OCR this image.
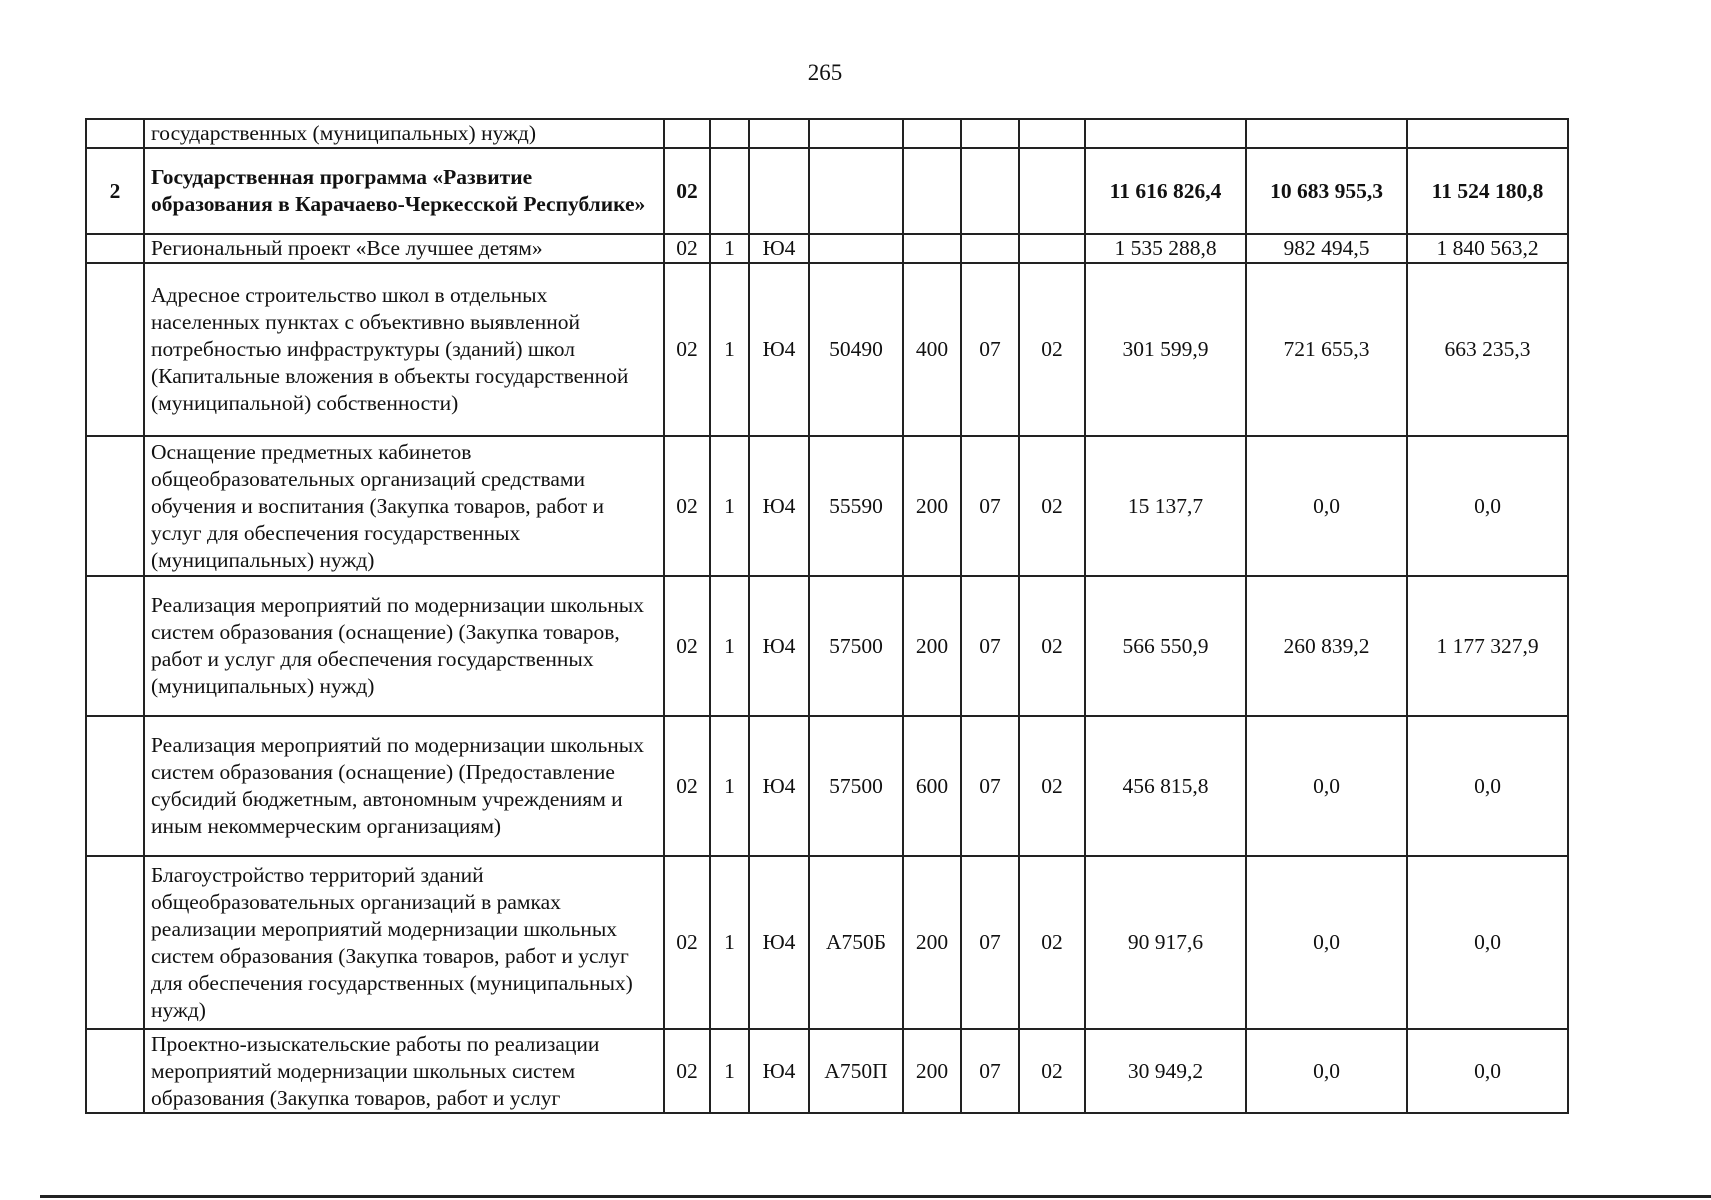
265
	государственных (муниципальных) нужд)										
2	Государственная программа «Развитие образования в Карачаево-Черкесской Республике»	02							11 616 826,4	10 683 955,3	11 524 180,8
	Региональный проект «Все лучшее детям»	02	1	Ю4					1 535 288,8	982 494,5	1 840 563,2
	Адресное строительство школ в отдельных населенных пунктах с объективно выявленной потребностью инфраструктуры (зданий) школ (Капитальные вложения в объекты государственной (муниципальной) собственности)	02	1	Ю4	50490	400	07	02	301 599,9	721 655,3	663 235,3
	Оснащение предметных кабинетов общеобразовательных организаций средствами обучения и воспитания (Закупка товаров, работ и услуг для обеспечения государственных (муниципальных) нужд)	02	1	Ю4	55590	200	07	02	15 137,7	0,0	0,0
	Реализация мероприятий по модернизации школьных систем образования (оснащение) (Закупка товаров, работ и услуг для обеспечения государственных (муниципальных) нужд)	02	1	Ю4	57500	200	07	02	566 550,9	260 839,2	1 177 327,9
	Реализация мероприятий по модернизации школьных систем образования (оснащение) (Предоставление субсидий бюджетным, автономным учреждениям и иным некоммерческим организациям)	02	1	Ю4	57500	600	07	02	456 815,8	0,0	0,0
	Благоустройство территорий зданий общеобразовательных организаций в рамках реализации мероприятий модернизации школьных систем образования (Закупка товаров, работ и услуг для обеспечения государственных (муниципальных) нужд)	02	1	Ю4	А750Б	200	07	02	90 917,6	0,0	0,0
	Проектно-изыскательские работы по реализации мероприятий модернизации школьных систем образования (Закупка товаров, работ и услуг	02	1	Ю4	А750П	200	07	02	30 949,2	0,0	0,0
